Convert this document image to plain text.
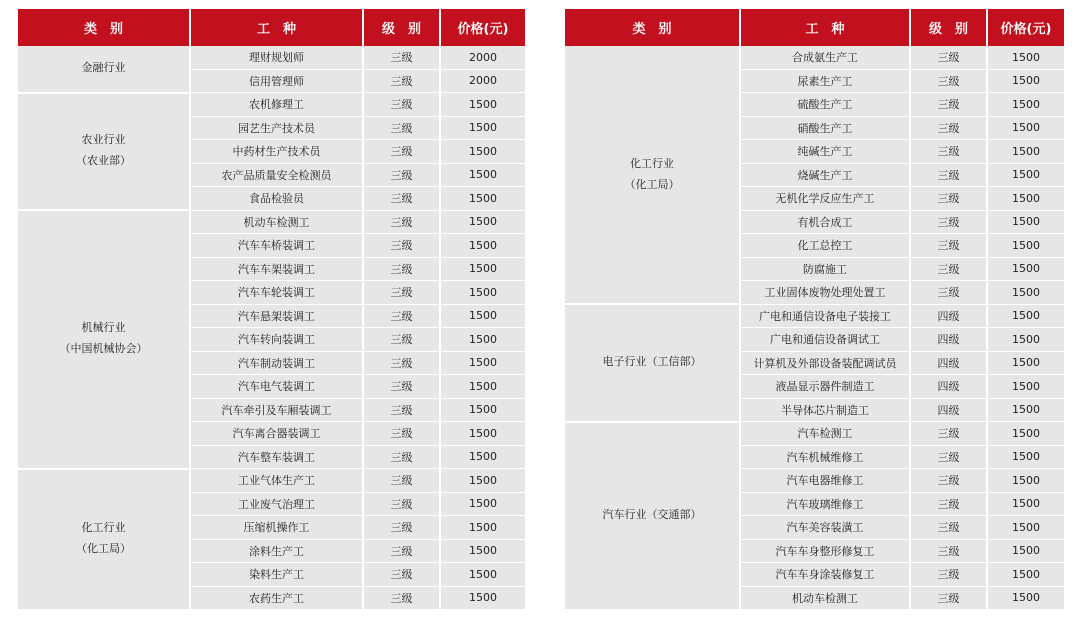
类　别	工　种	级　别	价格(元)

金融行业	理财规划师	三级	2000
	信用管理师	三级	2000

农业行业
（农业部）	农机修理工	三级	1500
	园艺生产技术员	三级	1500
	中药材生产技术员	三级	1500
	农产品质量安全检测员	三级	1500
	食品检验员	三级	1500

机械行业
（中国机械协会）	机动车检测工	三级	1500
	汽车车桥装调工	三级	1500
	汽车车架装调工	三级	1500
	汽车车轮装调工	三级	1500
	汽车悬架装调工	三级	1500
	汽车转向装调工	三级	1500
	汽车制动装调工	三级	1500
	汽车电气装调工	三级	1500
	汽车牵引及车厢装调工	三级	1500
	汽车离合器装调工	三级	1500
	汽车整车装调工	三级	1500

化工行业
（化工局）	工业气体生产工	三级	1500
	工业废气治理工	三级	1500
	压缩机操作工	三级	1500
	涂料生产工	三级	1500
	染料生产工	三级	1500
	农药生产工	三级	1500
类　别	工　种	级　别	价格(元)

化工行业
（化工局）	合成氨生产工	三级	1500
	尿素生产工	三级	1500
	硫酸生产工	三级	1500
	硝酸生产工	三级	1500
	纯碱生产工	三级	1500
	烧碱生产工	三级	1500
	无机化学反应生产工	三级	1500
	有机合成工	三级	1500
	化工总控工	三级	1500
	防腐施工	三级	1500
	工业固体废物处理处置工	三级	1500

电子行业（工信部）	广电和通信设备电子装接工	四级	1500
	广电和通信设备调试工	四级	1500
	计算机及外部设备装配调试员	四级	1500
	液晶显示器件制造工	四级	1500
	半导体芯片制造工	四级	1500

汽车行业（交通部）	汽车检测工	三级	1500
	汽车机械维修工	三级	1500
	汽车电器维修工	三级	1500
	汽车玻璃维修工	三级	1500
	汽车美容装潢工	三级	1500
	汽车车身整形修复工	三级	1500
	汽车车身涂装修复工	三级	1500
	机动车检测工	三级	1500
